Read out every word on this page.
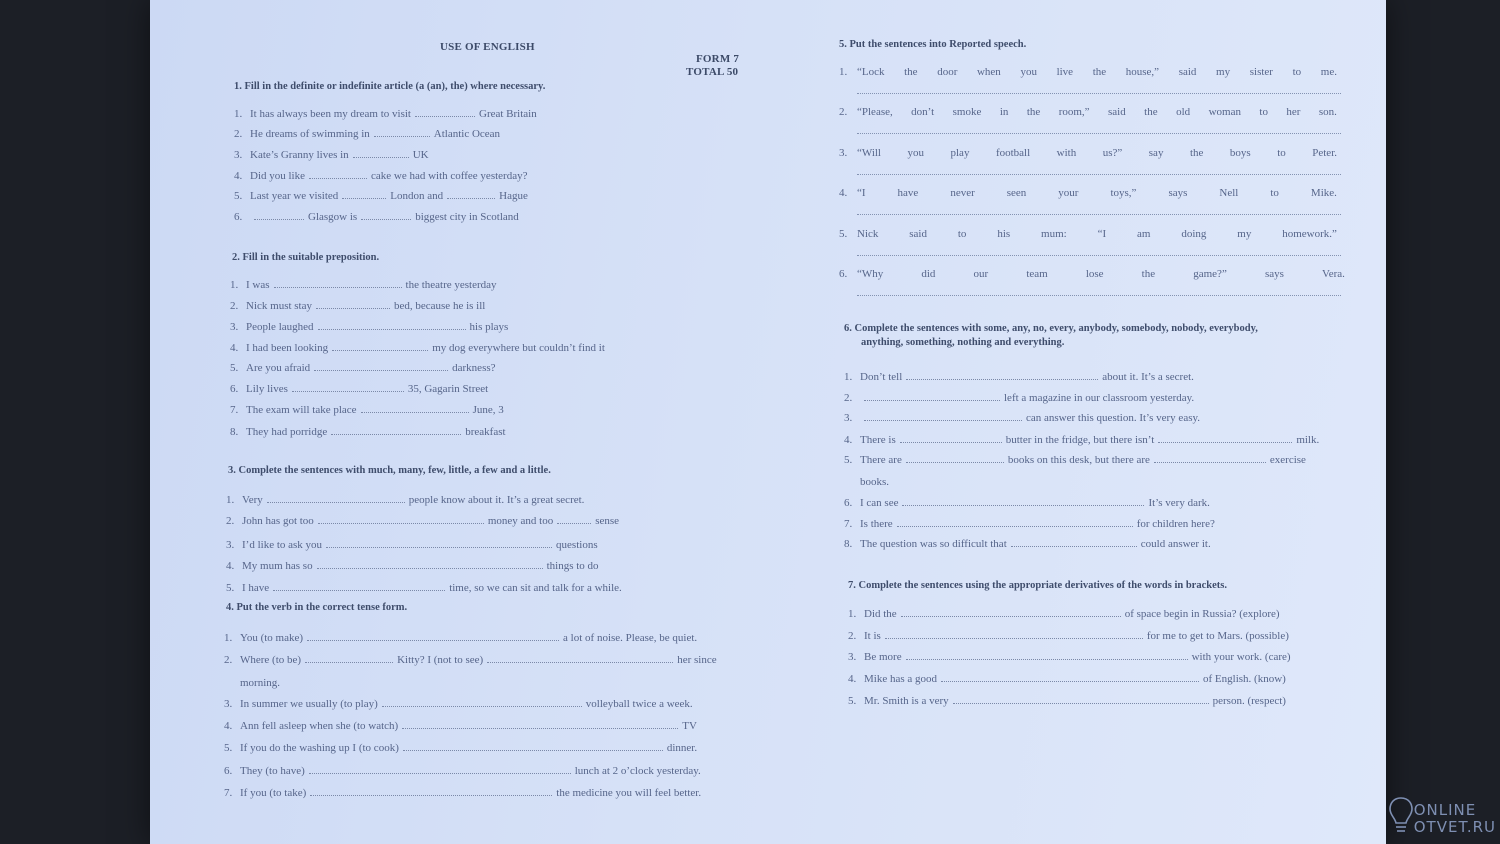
USE OF ENGLISH
FORM 7
TOTAL 50
1. Fill in the definite or indefinite article (a (an), the) where necessary.
1. It has always been my dream to visit	Great Britain
2. He dreams of swimming in	Atlantic Ocean
3. Kate’s Granny lives in	UK
4. Did you like	cake we had with coffee yesterday?
5. Last year we visited	London and	Hague
6.	Glasgow is	biggest city in Scotland
2. Fill in the suitable preposition.
1. I was	the theatre yesterday
2. Nick must stay	bed, because he is ill
3. People laughed	his plays
4. I had been looking	my dog everywhere but couldn’t find it
5. Are you afraid	darkness?
6. Lily lives	35, Gagarin Street
7. The exam will take place	June, 3
8. They had porridge	breakfast
3. Complete the sentences with much, many, few, little, a few and a little.
1. Very	people know about it. It’s a great secret.
2. John has got too	money and too	sense
3. I’d like to ask you	questions
4. My mum has so	things to do
5. I have	time, so we can sit and talk for a while.
4. Put the verb in the correct tense form.
1. You (to make)	a lot of noise. Please, be quiet.
2. Where (to be)	Kitty? I (not to see)	her since
morning.
3. In summer we usually (to play)	volleyball twice a week.
4. Ann fell asleep when she (to watch)	TV
5. If you do the washing up I (to cook)	dinner.
6. They (to have)	lunch at 2 o’clock yesterday.
7. If you (to take)	the medicine you will feel better.
5. Put the sentences into Reported speech.
1. “Lock the door when you live the house,” said my sister to me.
2. “Please, don’t smoke in the room,” said the old woman to her son.
3. “Will you play football with us?” say the boys to Peter.
4. “I	have	never	seen	your	toys,”	says	Nell	to	Mike.
5. Nick	said	to	his	mum:	“I	am	doing	my	homework.”
6. “Why	did	our	team	lose	the	game?”	says	Vera.
6. Complete the sentences with some, any, no, every, anybody, somebody, nobody, everybody,
anything, something, nothing and everything.
1. Don’t tell	about it. It’s a secret.
2.	left a magazine in our classroom yesterday.
3.	can answer this question. It’s very easy.
4. There is	butter in the fridge, but there isn’t	milk.
5. There are	books on this desk, but there are	exercise
books.
6. I can see	It’s very dark.
7. Is there	for children here?
8. The question was so difficult that	could answer it.
7. Complete the sentences using the appropriate derivatives of the words in brackets.
1. Did the	of space begin in Russia? (explore)
2. It is	for me to get to Mars. (possible)
3. Be more	with your work. (care)
4. Mike has a good	of English. (know)
5. Mr. Smith is a very	person. (respect)
ONLINE
OTVET.RU
